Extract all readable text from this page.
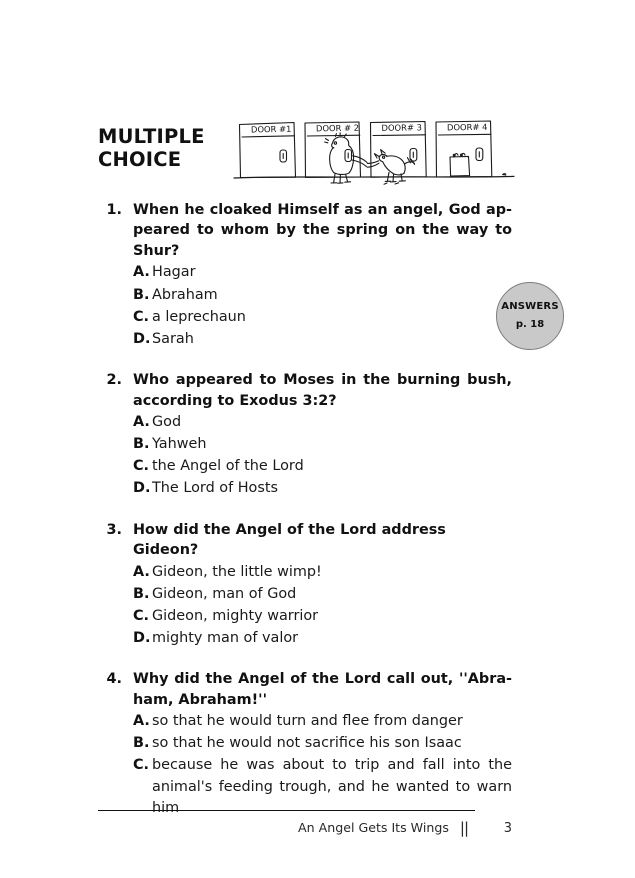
MULTIPLE
CHOICE
DOOR #1	DOOR # 2	DOOR# 3	DOOR# 4
ANSWERS
p. 18
1. When he cloaked Himself as an angel, God ap-peared to whom by the spring on the way to Shur?
A. Hagar
B. Abraham
C. a leprechaun
D. Sarah
2. Who appeared to Moses in the burning bush, according to Exodus 3:2?
A. God
B. Yahweh
C. the Angel of the Lord
D. The Lord of Hosts
3. How did the Angel of the Lord address Gideon?
A. Gideon, the little wimp!
B. Gideon, man of God
C. Gideon, mighty warrior
D. mighty man of valor
4. Why did the Angel of the Lord call out, ''Abra-ham, Abraham!''
A. so that he would turn and flee from danger
B. so that he would not sacrifice his son Isaac
C. because he was about to trip and fall into the animal's feeding trough, and he wanted to warn him
An Angel Gets Its Wings ||	3
